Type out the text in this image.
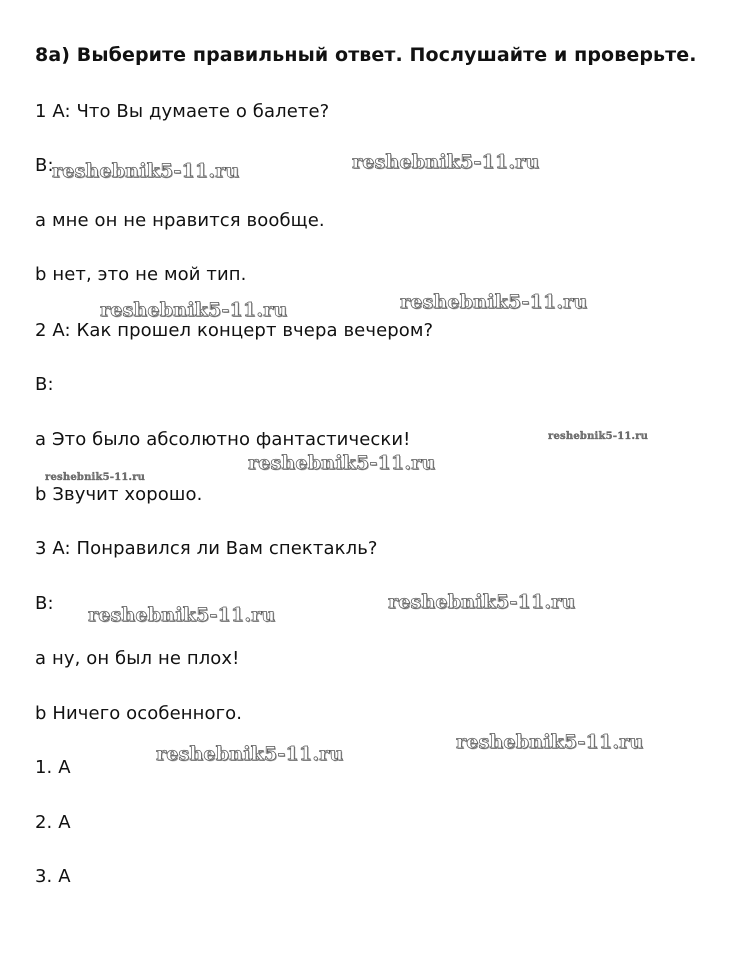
8a) Выберите правильный ответ. Послушайте и проверьте.
1 A: Что Вы думаете о балете?
B:
a мне он не нравится вообще.
b нет, это не мой тип.
2 A: Как прошел концерт вчера вечером?
B:
a Это было абсолютно фантастически!
b Звучит хорошо.
3 A: Понравился ли Вам спектакль?
B:
a ну, он был не плох!
b Ничего особенного.
1. A
2. A
3. A
reshebnik5-11.ru	reshebnik5-11.ru
reshebnik5-11.ru	reshebnik5-11.ru
reshebnik5-11.ru
reshebnik5-11.ru
reshebnik5-11.ru
reshebnik5-11.ru
reshebnik5-11.ru
reshebnik5-11.ru
reshebnik5-11.ru
